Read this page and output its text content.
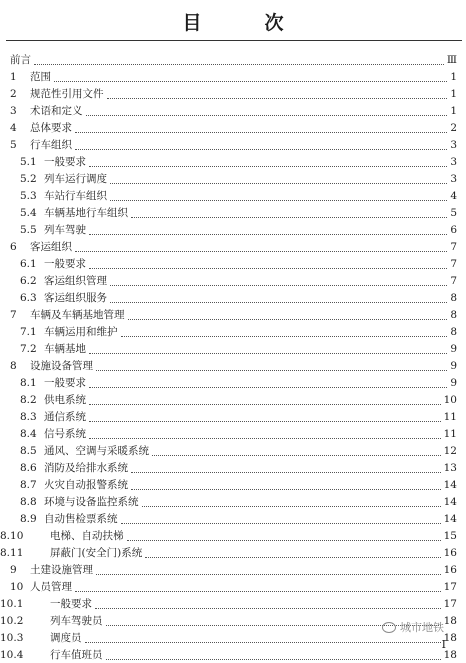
目　次
前言	Ⅲ
1 范围	1
2 规范性引用文件	1
3 术语和定义	1
4 总体要求	2
5 行车组织	3
5.1 一般要求	3
5.2 列车运行调度	3
5.3 车站行车组织	4
5.4 车辆基地行车组织	5
5.5 列车驾驶	6
6 客运组织	7
6.1 一般要求	7
6.2 客运组织管理	7
6.3 客运组织服务	8
7 车辆及车辆基地管理	8
7.1 车辆运用和维护	8
7.2 车辆基地	9
8 设施设备管理	9
8.1 一般要求	9
8.2 供电系统	10
8.3 通信系统	11
8.4 信号系统	11
8.5 通风、空调与采暖系统	12
8.6 消防及给排水系统	13
8.7 火灾自动报警系统	14
8.8 环境与设备监控系统	14
8.9 自动售检票系统	14
8.10	电梯、自动扶梯	15
8.11	屏蔽门(安全门)系统	16
9 土建设施管理	16
10 人员管理	17
10.1	一般要求	17
10.2	列车驾驶员	18
10.3	调度员	18
10.4	行车值班员	18
城市地铁
I
